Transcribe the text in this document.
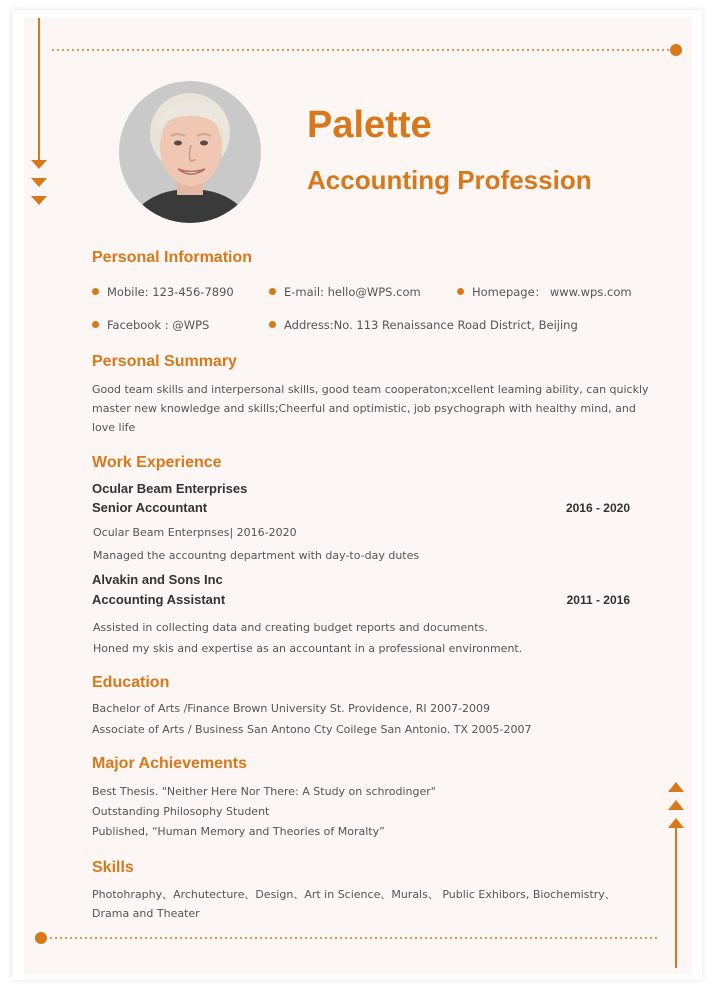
Palette
Accounting Profession
Personal Information
Mobile: 123-456-7890	E-mail: hello@WPS.com	Homepage： www.wps.com
Facebook : @WPS	Address:No. 113 Renaissance Road District, Beijing
Personal Summary
Good team skills and interpersonal skills, good team cooperaton;xcellent leaming ability, can quickly
master new knowledge and skills;Cheerful and optimistic, job psychograph with healthy mind, and
love life
Work Experience
Ocular Beam Enterprises
Senior Accountant	2016 - 2020
Ocular Beam Enterpnses| 2016-2020
Managed the accountng department with day-to-day dutes
Alvakin and Sons Inc
Accounting Assistant	2011 - 2016
Assisted in collecting data and creating budget reports and documents.
Honed my skis and expertise as an accountant in a professional environment.
Education
Bachelor of Arts /Finance Brown University St. Providence, RI 2007-2009
Associate of Arts / Business San Antono Cty Coilege San Antonio. TX 2005-2007
Major Achievements
Best Thesis. "Neither Here Nor There: A Study on schrodinger"
Outstanding Philosophy Student
Published, “Human Memory and Theories of Moralty”
Skills
Photohraphy、Archutecture、Design、Art in Science、Murals、 Public Exhibors, Biochemistry、
Drama and Theater
